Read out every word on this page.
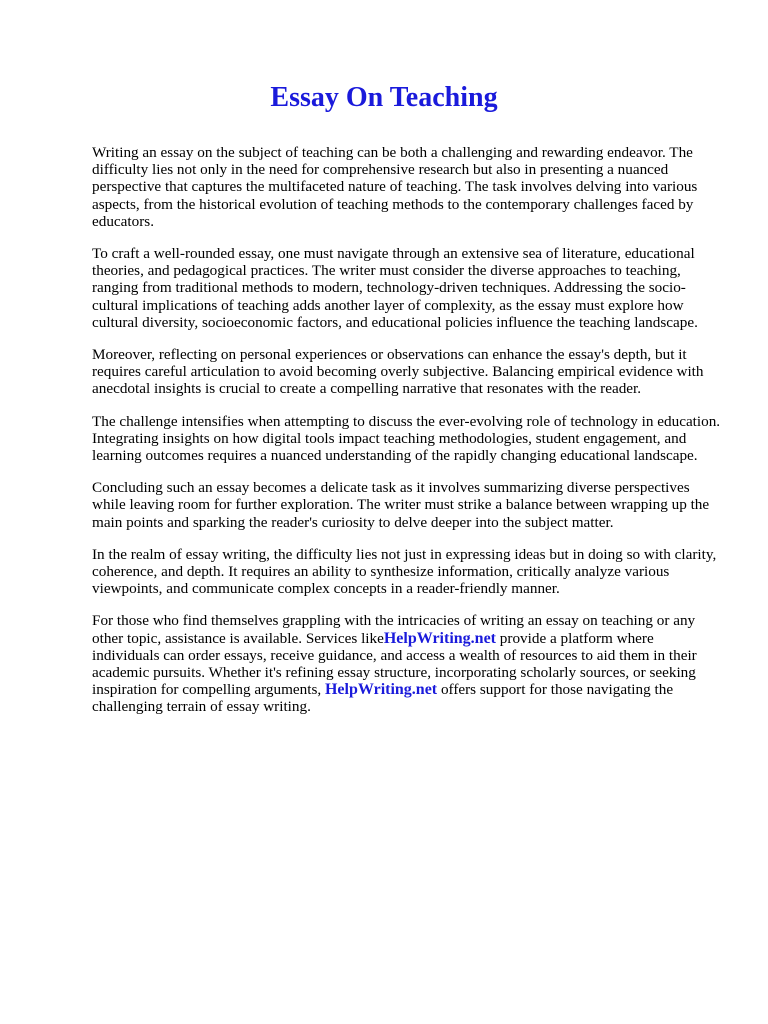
Essay On Teaching

Writing an essay on the subject of teaching can be both a challenging and rewarding endeavor. The difficulty lies not only in the need for comprehensive research but also in presenting a nuanced perspective that captures the multifaceted nature of teaching. The task involves delving into various aspects, from the historical evolution of teaching methods to the contemporary challenges faced by educators.

To craft a well-rounded essay, one must navigate through an extensive sea of literature, educational theories, and pedagogical practices. The writer must consider the diverse approaches to teaching, ranging from traditional methods to modern, technology-driven techniques. Addressing the socio-cultural implications of teaching adds another layer of complexity, as the essay must explore how cultural diversity, socioeconomic factors, and educational policies influence the teaching landscape.

Moreover, reflecting on personal experiences or observations can enhance the essay's depth, but it requires careful articulation to avoid becoming overly subjective. Balancing empirical evidence with anecdotal insights is crucial to create a compelling narrative that resonates with the reader.

The challenge intensifies when attempting to discuss the ever-evolving role of technology in education. Integrating insights on how digital tools impact teaching methodologies, student engagement, and learning outcomes requires a nuanced understanding of the rapidly changing educational landscape.

Concluding such an essay becomes a delicate task as it involves summarizing diverse perspectives while leaving room for further exploration. The writer must strike a balance between wrapping up the main points and sparking the reader's curiosity to delve deeper into the subject matter.

In the realm of essay writing, the difficulty lies not just in expressing ideas but in doing so with clarity, coherence, and depth. It requires an ability to synthesize information, critically analyze various viewpoints, and communicate complex concepts in a reader-friendly manner.

For those who find themselves grappling with the intricacies of writing an essay on teaching or any other topic, assistance is available. Services likeHelpWriting.net provide a platform where individuals can order essays, receive guidance, and access a wealth of resources to aid them in their academic pursuits. Whether it's refining essay structure, incorporating scholarly sources, or seeking inspiration for compelling arguments, HelpWriting.net offers support for those navigating the challenging terrain of essay writing.
